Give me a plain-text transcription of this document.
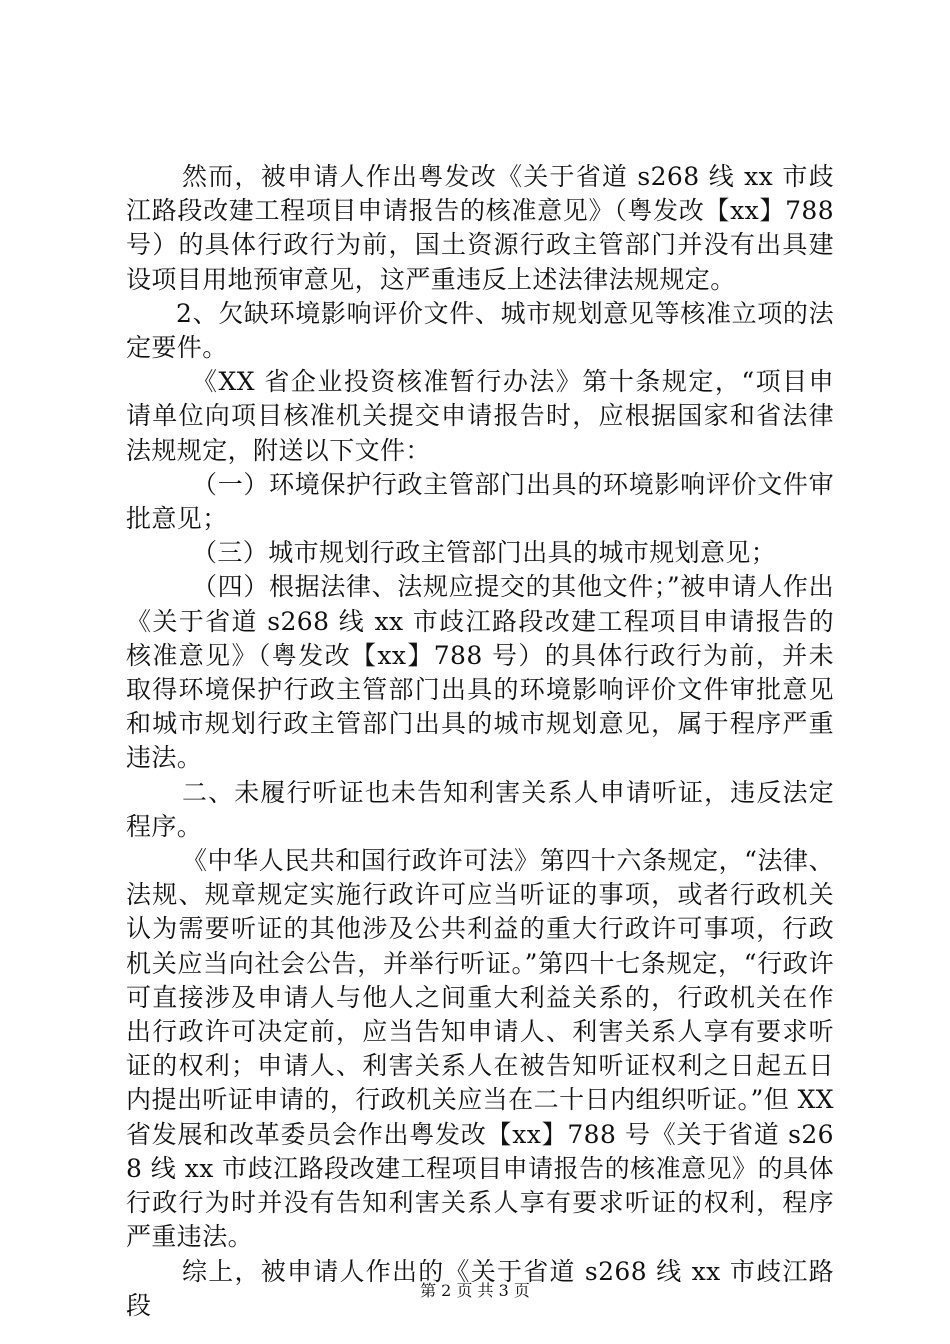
然而，被申请人作出粤发改《关于省道 s268 线 xx 市歧江路段改建工程项目申请报告的核准意见》（粤发改【xx】788号）的具体行政行为前，国土资源行政主管部门并没有出具建设项目用地预审意见，这严重违反上述法律法规规定。

2、欠缺环境影响评价文件、城市规划意见等核准立项的法定要件。

《XX 省企业投资核准暂行办法》第十条规定，“项目申请单位向项目核准机关提交申请报告时，应根据国家和省法律法规规定，附送以下文件：

（一）环境保护行政主管部门出具的环境影响评价文件审批意见；

（三）城市规划行政主管部门出具的城市规划意见；

（四）根据法律、法规应提交的其他文件；”被申请人作出《关于省道 s268 线 xx 市歧江路段改建工程项目申请报告的核准意见》（粤发改【xx】788 号）的具体行政行为前，并未取得环境保护行政主管部门出具的环境影响评价文件审批意见和城市规划行政主管部门出具的城市规划意见，属于程序严重违法。

二、未履行听证也未告知利害关系人申请听证，违反法定程序。

《中华人民共和国行政许可法》第四十六条规定，“法律、法规、规章规定实施行政许可应当听证的事项，或者行政机关认为需要听证的其他涉及公共利益的重大行政许可事项，行政机关应当向社会公告，并举行听证。”第四十七条规定，“行政许可直接涉及申请人与他人之间重大利益关系的，行政机关在作出行政许可决定前，应当告知申请人、利害关系人享有要求听证的权利；申请人、利害关系人在被告知听证权利之日起五日内提出听证申请的，行政机关应当在二十日内组织听证。”但 XX 省发展和改革委员会作出粤发改【xx】788 号《关于省道 s268 线 xx 市歧江路段改建工程项目申请报告的核准意见》的具体行政行为时并没有告知利害关系人享有要求听证的权利，程序严重违法。

综上，被申请人作出的《关于省道 s268 线 xx 市歧江路段

第 2 页 共 3 页
